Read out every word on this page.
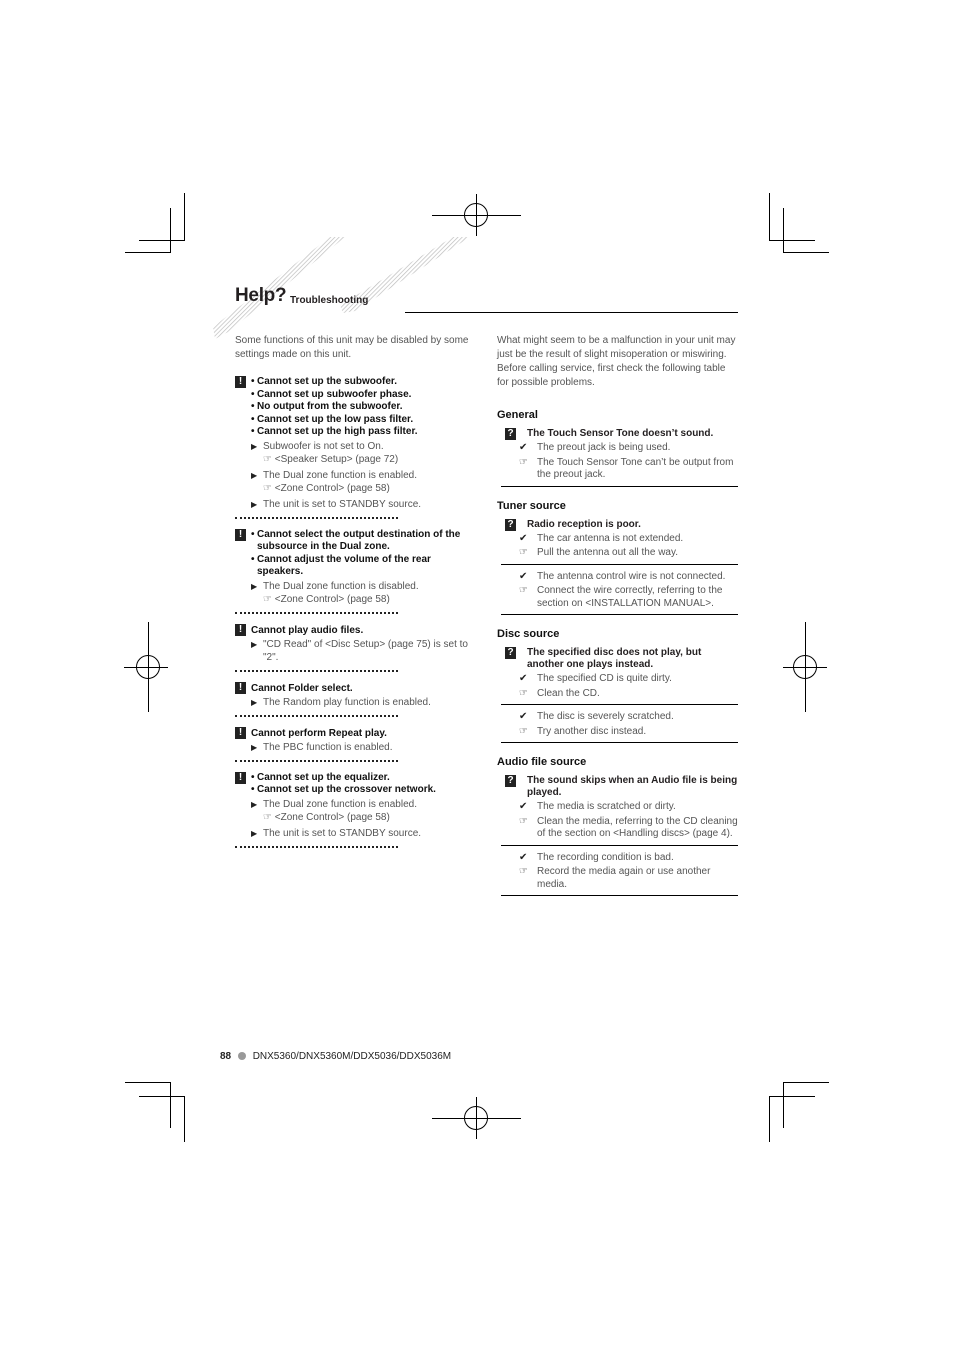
Help? Troubleshooting

Some functions of this unit may be disabled by some settings made on this unit.

!	• Cannot set up the subwoofer.
• Cannot set up subwoofer phase.
• No output from the subwoofer.
• Cannot set up the low pass filter.
• Cannot set up the high pass filter.
▶ Subwoofer is not set to On.
☞ <Speaker Setup> (page 72)
▶ The Dual zone function is enabled.
☞ <Zone Control> (page 58)
▶ The unit is set to STANDBY source.
!	• Cannot select the output destination of the subsource in the Dual zone.
• Cannot adjust the volume of the rear speakers.
▶ The Dual zone function is disabled.
☞ <Zone Control> (page 58)
! Cannot play audio files.
▶ "CD Read" of <Disc Setup> (page 75) is set to "2".
! Cannot Folder select.
▶ The Random play function is enabled.
! Cannot perform Repeat play.
▶ The PBC function is enabled.
!	• Cannot set up the equalizer.
• Cannot set up the crossover network.
▶ The Dual zone function is enabled.
☞ <Zone Control> (page 58)
▶ The unit is set to STANDBY source.

What might seem to be a malfunction in your unit may just be the result of slight misoperation or miswiring. Before calling service, first check the following table for possible problems.

General
? The Touch Sensor Tone doesn’t sound.
✔ The preout jack is being used.
☞ The Touch Sensor Tone can’t be output from the preout jack.
Tuner source
? Radio reception is poor.
✔ The car antenna is not extended.
☞ Pull the antenna out all the way.
✔ The antenna control wire is not connected.
☞ Connect the wire correctly, referring to the section on <INSTALLATION MANUAL>.
Disc source
? The specified disc does not play, but another one plays instead.
✔ The specified CD is quite dirty.
☞ Clean the CD.
✔ The disc is severely scratched.
☞ Try another disc instead.
Audio file source
? The sound skips when an Audio file is being played.
✔ The media is scratched or dirty.
☞ Clean the media, referring to the CD cleaning of the section on <Handling discs> (page 4).
✔ The recording condition is bad.
☞ Record the media again or use another media.
88 DNX5360/DNX5360M/DDX5036/DDX5036M
